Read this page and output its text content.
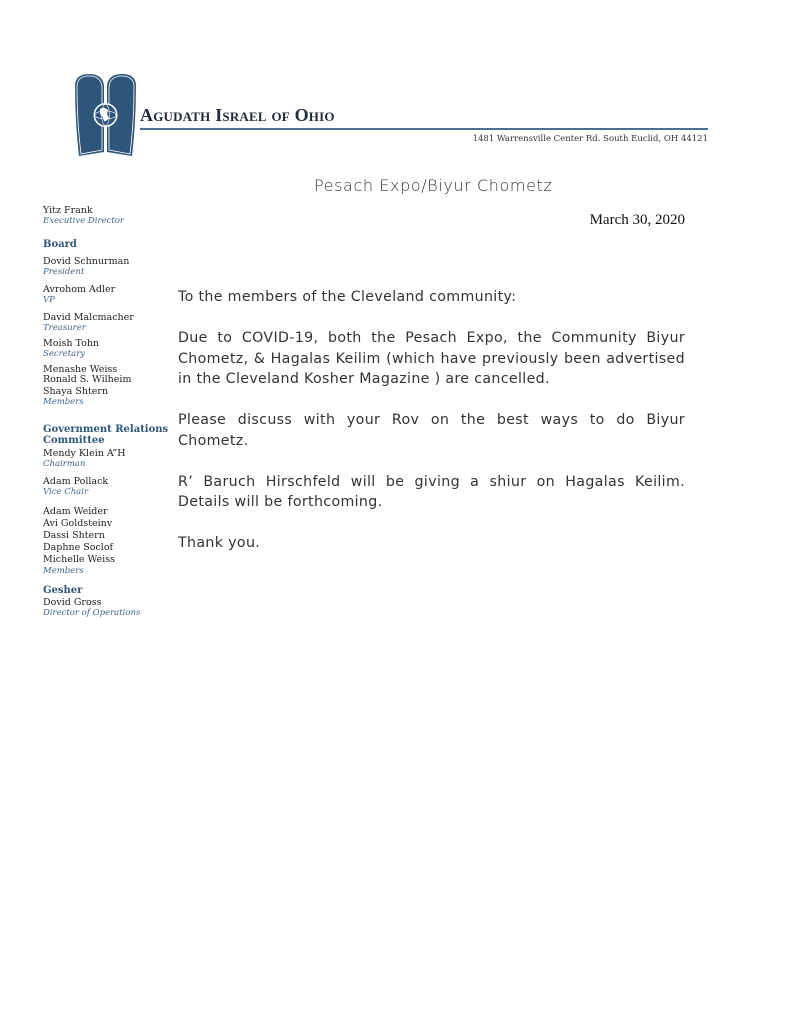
Agudath Israel of Ohio
1481 Warrensville Center Rd. South Euclid, OH 44121
Yitz Frank
Executive Director
Board
Dovid Schnurman
President
Avrohom Adler
VP
David Malcmacher
Treasurer
Moish Tohn
Secretary
Menashe Weiss
Ronald S. Wilheim
Shaya Shtern
Members
Government Relations Committee
Mendy Klein A”H
Chairman
Adam Pollack
Vice Chair
Adam Weider
Avi Goldsteinv
Dassi Shtern
Daphne Soclof
Michelle Weiss
Members
Gesher
Dovid Gross
Director of Operations
Pesach Expo/Biyur Chometz
March 30, 2020

To the members of the Cleveland community:

Due to COVID-19, both the Pesach Expo, the Community Biyur Chometz, & Hagalas Keilim (which have previously been advertised in the Cleveland Kosher Magazine ) are cancelled.

Please discuss with your Rov on the best ways to do Biyur Chometz.

R’ Baruch Hirschfeld will be giving a shiur on Hagalas Keilim. Details will be forthcoming.

Thank you.
